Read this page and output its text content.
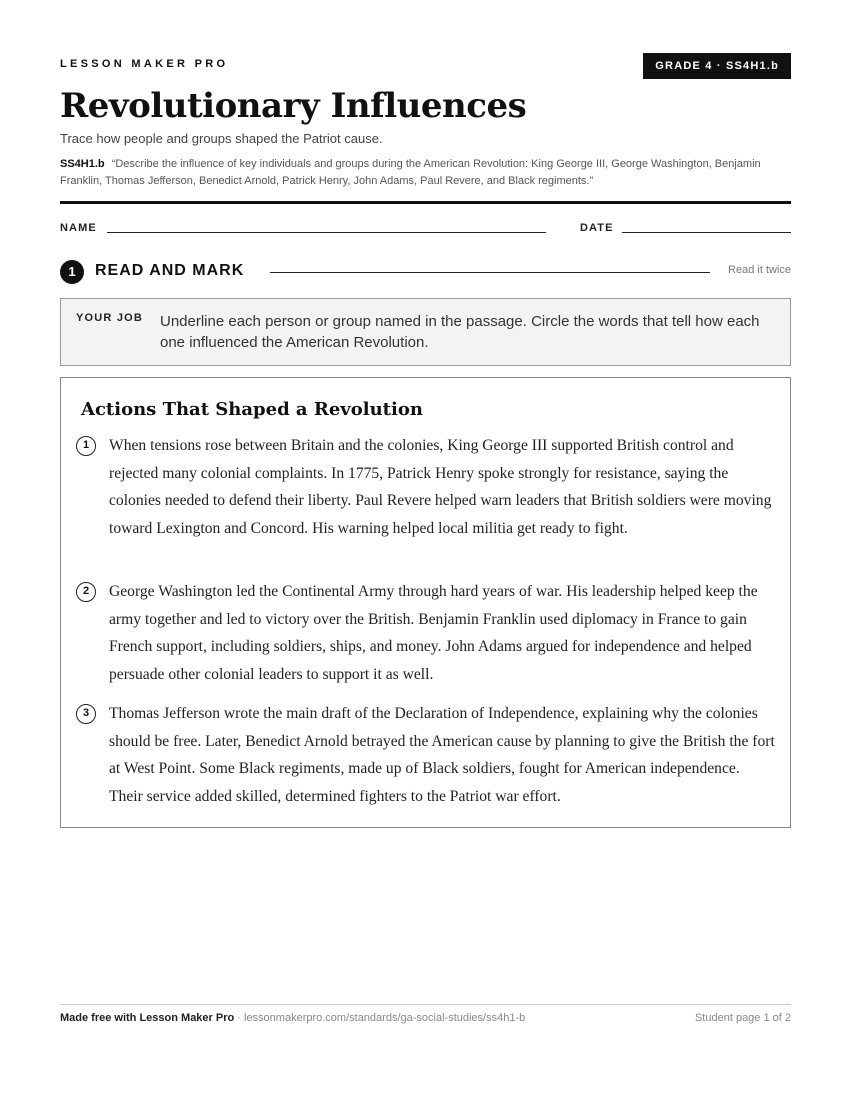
LESSON MAKER PRO	GRADE 4 · SS4H1.b
Revolutionary Influences
Trace how people and groups shaped the Patriot cause.
SS4H1.b “Describe the influence of key individuals and groups during the American Revolution: King George III, George Washington, Benjamin Franklin, Thomas Jefferson, Benedict Arnold, Patrick Henry, John Adams, Paul Revere, and Black regiments.”
NAME	DATE
1	READ AND MARK	Read it twice
YOUR JOB Underline each person or group named in the passage. Circle the words that tell how each one influenced the American Revolution.
Actions That Shaped a Revolution
1	When tensions rose between Britain and the colonies, King George III supported British control and rejected many colonial complaints. In 1775, Patrick Henry spoke strongly for resistance, saying the colonies needed to defend their liberty. Paul Revere helped warn leaders that British soldiers were moving toward Lexington and Concord. His warning helped local militia get ready to fight.

2	George Washington led the Continental Army through hard years of war. His leadership helped keep the army together and led to victory over the British. Benjamin Franklin used diplomacy in France to gain French support, including soldiers, ships, and money. John Adams argued for independence and helped persuade other colonial leaders to support it as well.

3	Thomas Jefferson wrote the main draft of the Declaration of Independence, explaining why the colonies should be free. Later, Benedict Arnold betrayed the American cause by planning to give the British the fort at West Point. Some Black regiments, made up of Black soldiers, fought for American independence. Their service added skilled, determined fighters to the Patriot war effort.

Made free with Lesson Maker Pro · lessonmakerpro.com/standards/ga-social-studies/ss4h1-b	Student page 1 of 2
